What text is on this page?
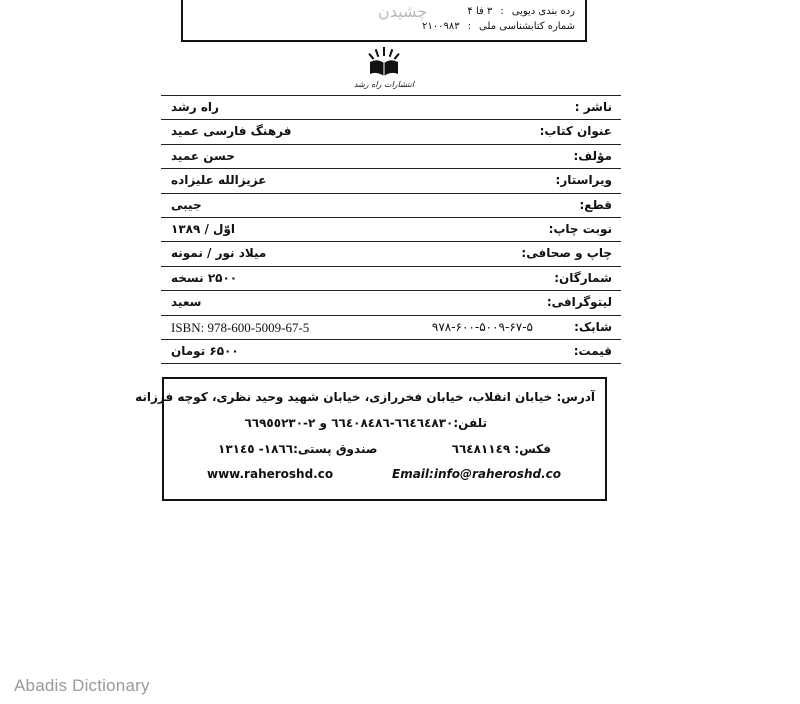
رده بندی دیویی
:
۳ فا ۴
شماره کتابشناسی ملی
:
۲۱۰۰۹۸۳
چشیدن
انتشارات راه رشد
ناشر :
راه رشد
عنوان کتاب:
فرهنگ فارسی عمید
مؤلف:
حسن عمید
ویراستار:
عزیزالله علیزاده
قطع:
جیبی
نوبت چاپ:
اوّل / ۱۳۸۹
چاپ و صحافی:
میلاد نور / نمونه
شمارگان:
۲۵۰۰ نسخه
لیتوگرافی:
سعید
شابک:
۹۷۸-۶۰۰-۵۰۰۹-۶۷-۵
ISBN: 978-600-5009-67-5
قیمت:
۶۵۰۰ تومان
آدرس: خیابان انقلاب، خیابان فخررازی، خیابان شهید وحید نظری، کوچه فرزانه
تلفن:٦٦٤٦٤٨٣٠-٦٦٤٠٨٤٨٦ و ٢-٦٦٩٥٥٢٣٠
فکس: ٦٦٤٨١١٤٩
صندوق پستی:١٨٦٦- ١٣١٤٥
Email:info@raheroshd.co
www.raheroshd.co
Abadis Dictionary
